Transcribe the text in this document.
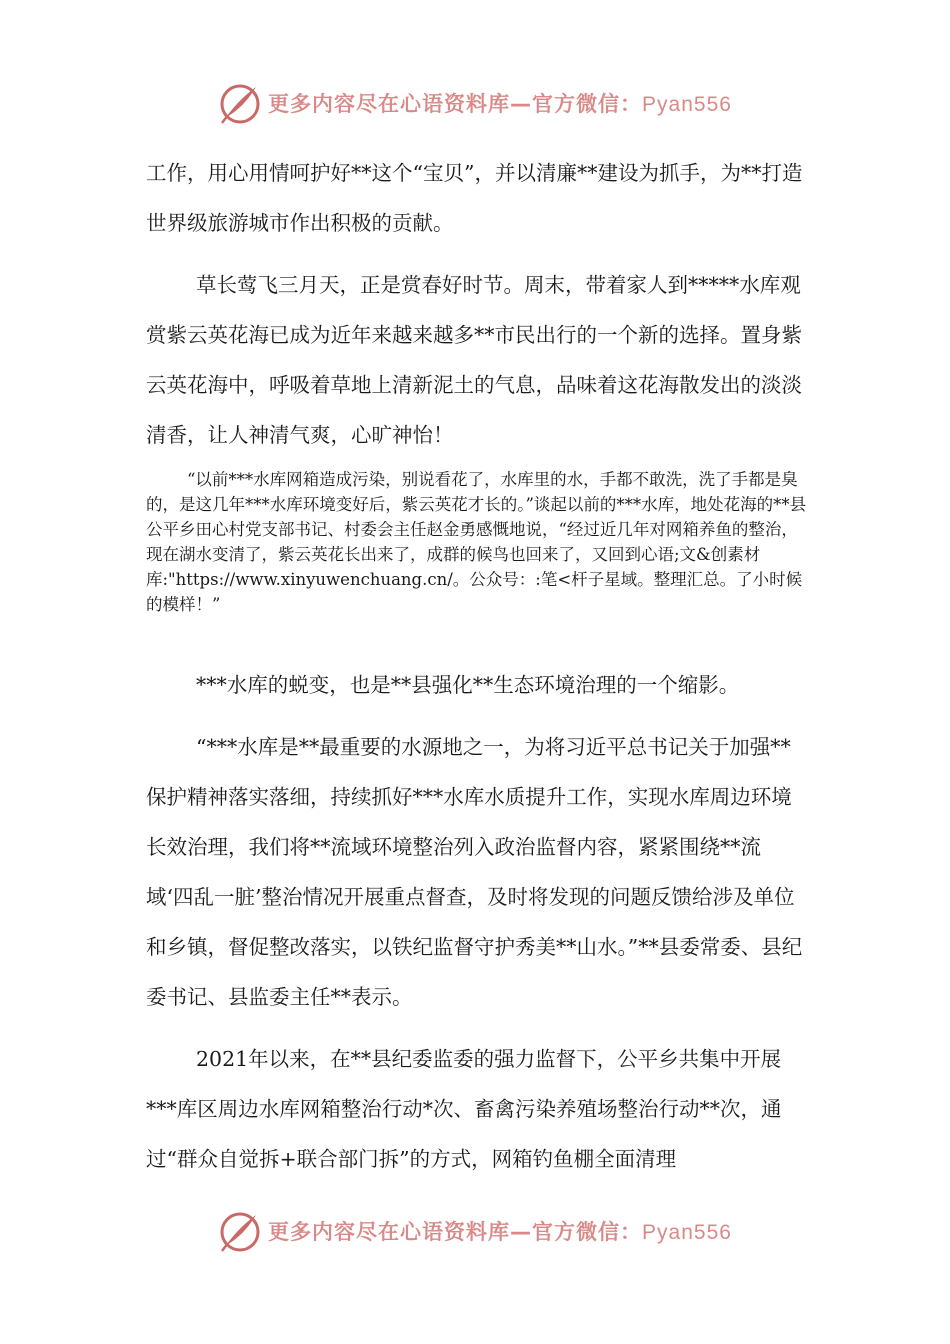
更多内容尽在心语资料库—官方微信：Pyan556

工作，用心用情呵护好**这个“宝贝”，并以清廉**建设为抓手，为**打造世界级旅游城市作出积极的贡献。

草长莺飞三月天，正是赏春好时节。周末，带着家人到*****水库观赏紫云英花海已成为近年来越来越多**市民出行的一个新的选择。置身紫云英花海中，呼吸着草地上清新泥土的气息，品味着这花海散发出的淡淡清香，让人神清气爽，心旷神怡！

“以前***水库网箱造成污染，别说看花了，水库里的水，手都不敢洗，洗了手都是臭的，是这几年***水库环境变好后，紫云英花才长的。”谈起以前的***水库，地处花海的**县公平乡田心村党支部书记、村委会主任赵金勇感慨地说，“经过近几年对网箱养鱼的整治，现在湖水变清了，紫云英花长出来了，成群的候鸟也回来了，又回到心语;文&创素材库:"https://www.xinyuwenchuang.cn/。公众号：:笔<杆子星域。整理汇总。了小时候的模样！”

***水库的蜕变，也是**县强化**生态环境治理的一个缩影。

“***水库是**最重要的水源地之一，为将习近平总书记关于加强**保护精神落实落细，持续抓好***水库水质提升工作，实现水库周边环境长效治理，我们将**流域环境整治列入政治监督内容，紧紧围绕**流域‘四乱一脏’整治情况开展重点督查，及时将发现的问题反馈给涉及单位和乡镇，督促整改落实，以铁纪监督守护秀美**山水。”**县委常委、县纪委书记、县监委主任**表示。

2021年以来，在**县纪委监委的强力监督下，公平乡共集中开展***库区周边水库网箱整治行动*次、畜禽污染养殖场整治行动**次，通过“群众自觉拆+联合部门拆”的方式，网箱钓鱼棚全面清理

更多内容尽在心语资料库—官方微信：Pyan556
